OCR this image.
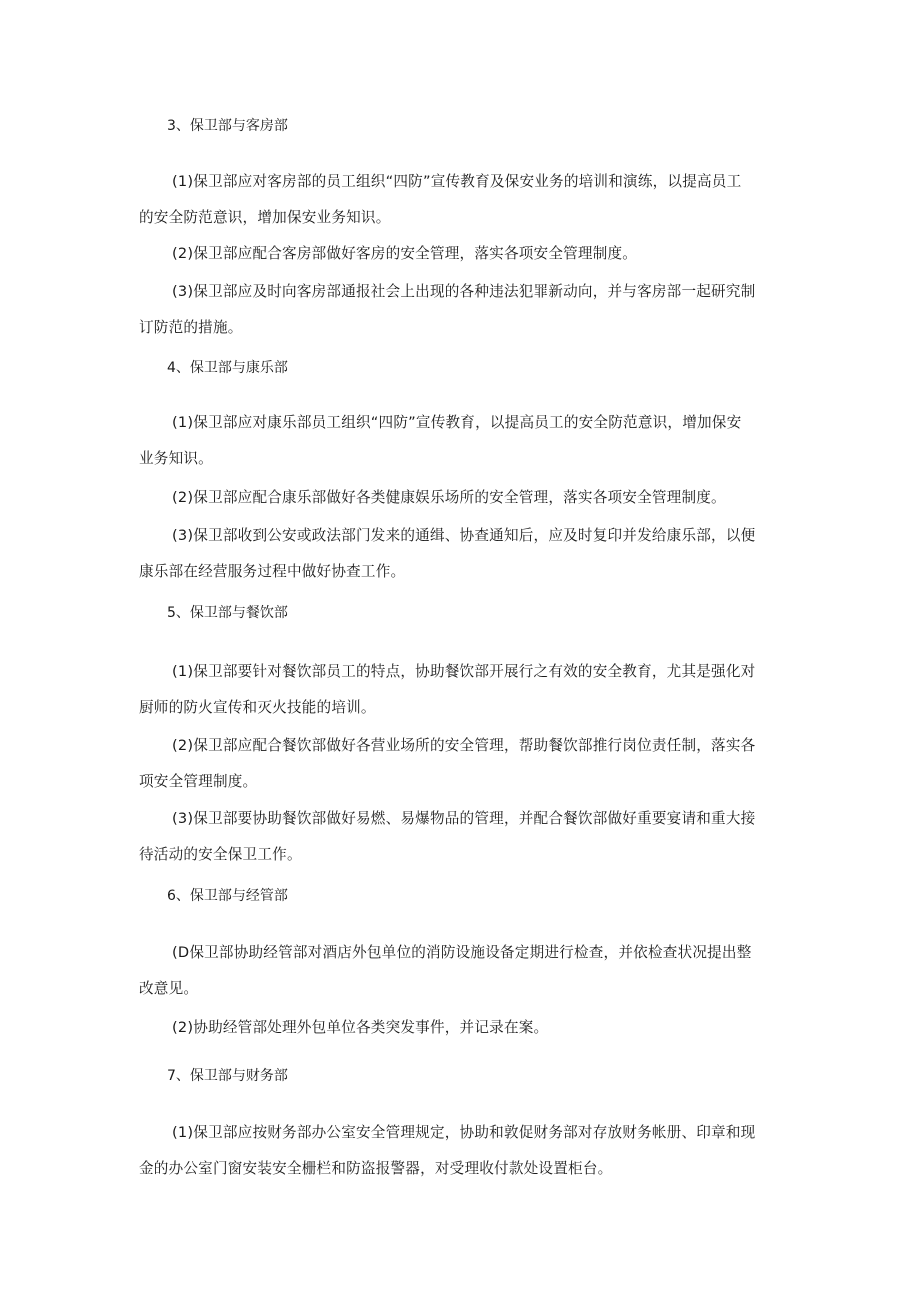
3、保卫部与客房部
(1)保卫部应对客房部的员工组织“四防”宣传教育及保安业务的培训和演练，以提高员工
的安全防范意识，增加保安业务知识。
(2)保卫部应配合客房部做好客房的安全管理，落实各项安全管理制度。
(3)保卫部应及时向客房部通报社会上出现的各种违法犯罪新动向，并与客房部一起研究制
订防范的措施。
4、保卫部与康乐部
(1)保卫部应对康乐部员工组织“四防”宣传教育，以提高员工的安全防范意识，增加保安
业务知识。
(2)保卫部应配合康乐部做好各类健康娱乐场所的安全管理，落实各项安全管理制度。
(3)保卫部收到公安或政法部门发来的通缉、协查通知后，应及时复印并发给康乐部，以便
康乐部在经营服务过程中做好协查工作。
5、保卫部与餐饮部
(1)保卫部要针对餐饮部员工的特点，协助餐饮部开展行之有效的安全教育，尤其是强化对
厨师的防火宣传和灭火技能的培训。
(2)保卫部应配合餐饮部做好各营业场所的安全管理，帮助餐饮部推行岗位责任制，落实各
项安全管理制度。
(3)保卫部要协助餐饮部做好易燃、易爆物品的管理，并配合餐饮部做好重要宴请和重大接
待活动的安全保卫工作。
6、保卫部与经管部
(D保卫部协助经管部对酒店外包单位的消防设施设备定期进行检查，并依检查状况提出整
改意见。
(2)协助经管部处理外包单位各类突发事件，并记录在案。
7、保卫部与财务部
(1)保卫部应按财务部办公室安全管理规定，协助和敦促财务部对存放财务帐册、印章和现
金的办公室门窗安装安全栅栏和防盗报警器，对受理收付款处设置柜台。
